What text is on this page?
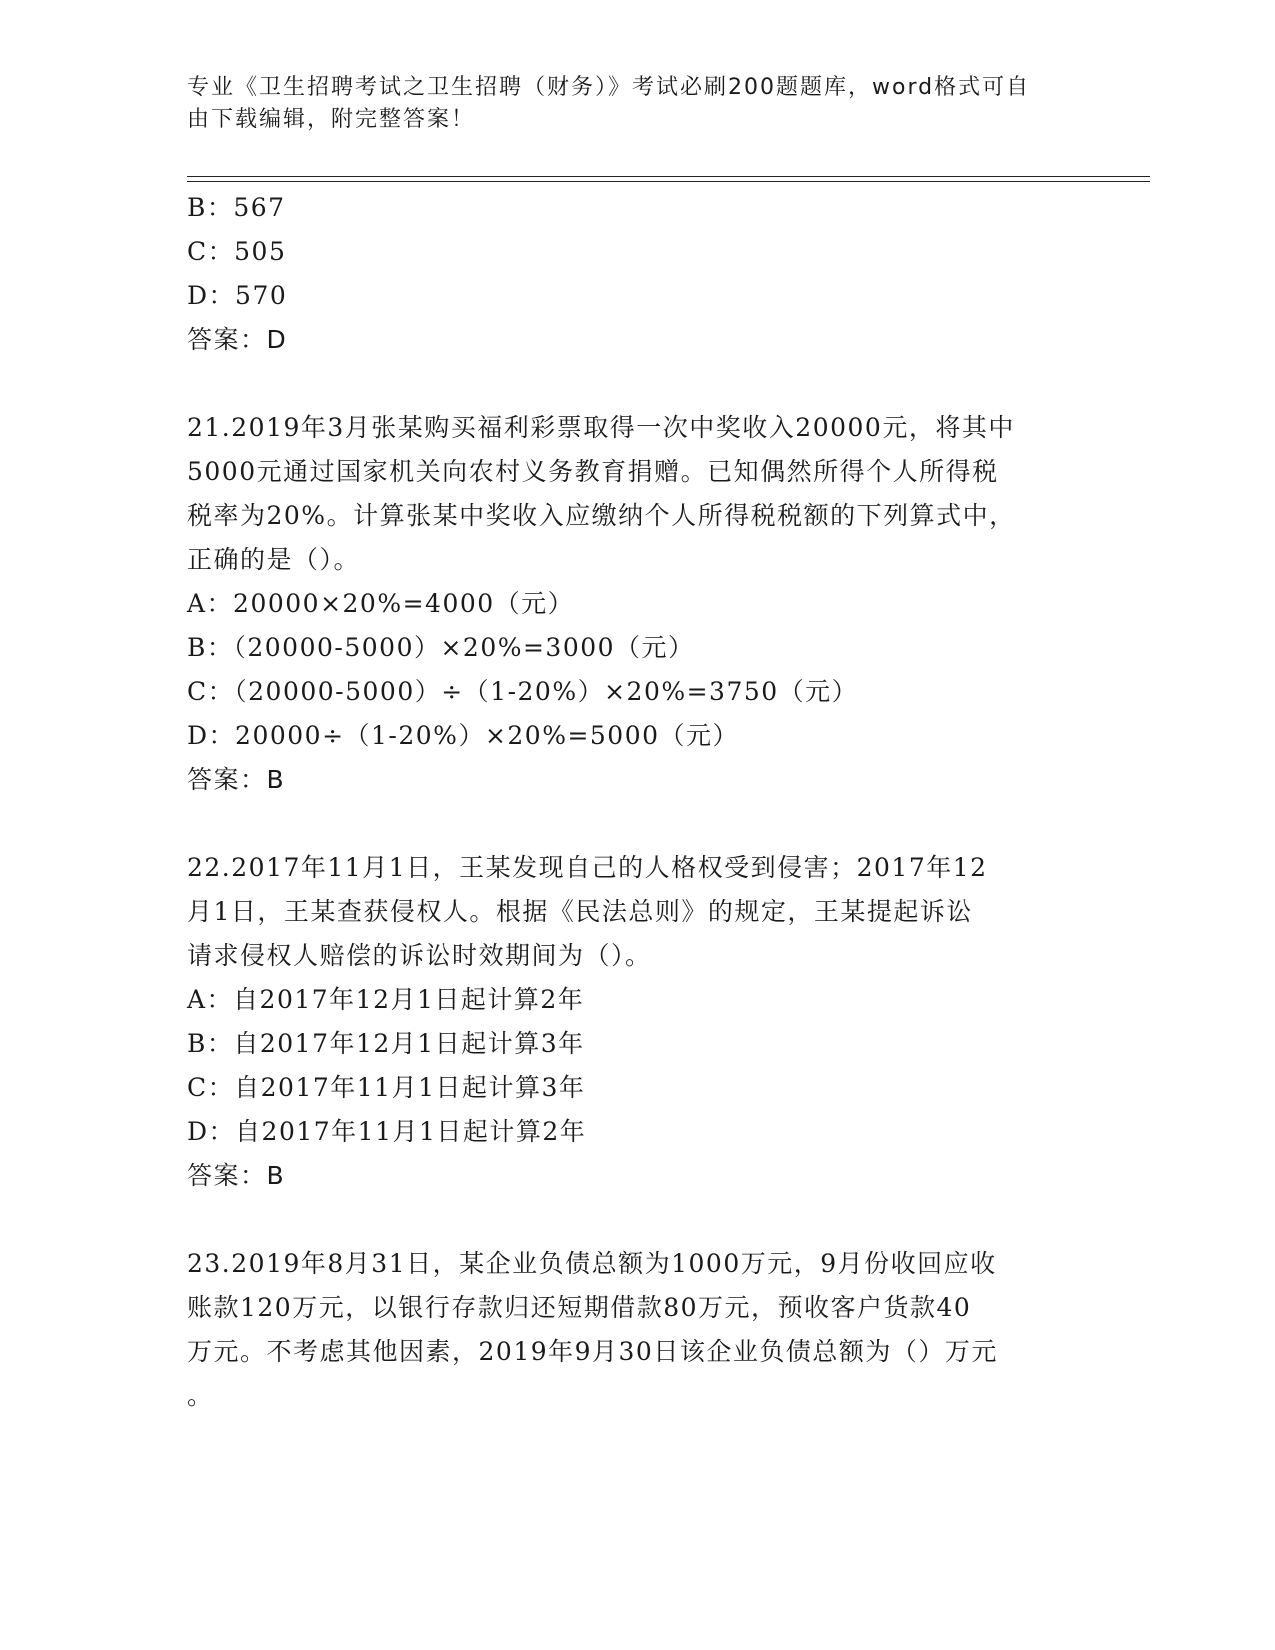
专业《卫生招聘考试之卫生招聘（财务）》考试必刷200题题库，word格式可自
由下载编辑，附完整答案！
B：567
C：505
D：570
答案：D
21.2019年3月张某购买福利彩票取得一次中奖收入20000元，将其中
5000元通过国家机关向农村义务教育捐赠。已知偶然所得个人所得税
税率为20%。计算张某中奖收入应缴纳个人所得税税额的下列算式中，
正确的是（）。
A：20000×20%=4000（元）
B：（20000-5000）×20%=3000（元）
C：（20000-5000）÷（1-20%）×20%=3750（元）
D：20000÷（1-20%）×20%=5000（元）
答案：B
22.2017年11月1日，王某发现自己的人格权受到侵害；2017年12
月1日，王某查获侵权人。根据《民法总则》的规定，王某提起诉讼
请求侵权人赔偿的诉讼时效期间为（）。
A：自2017年12月1日起计算2年
B：自2017年12月1日起计算3年
C：自2017年11月1日起计算3年
D：自2017年11月1日起计算2年
答案：B
23.2019年8月31日，某企业负债总额为1000万元，9月份收回应收
账款120万元，以银行存款归还短期借款80万元，预收客户货款40
万元。不考虑其他因素，2019年9月30日该企业负债总额为（）万元
。
